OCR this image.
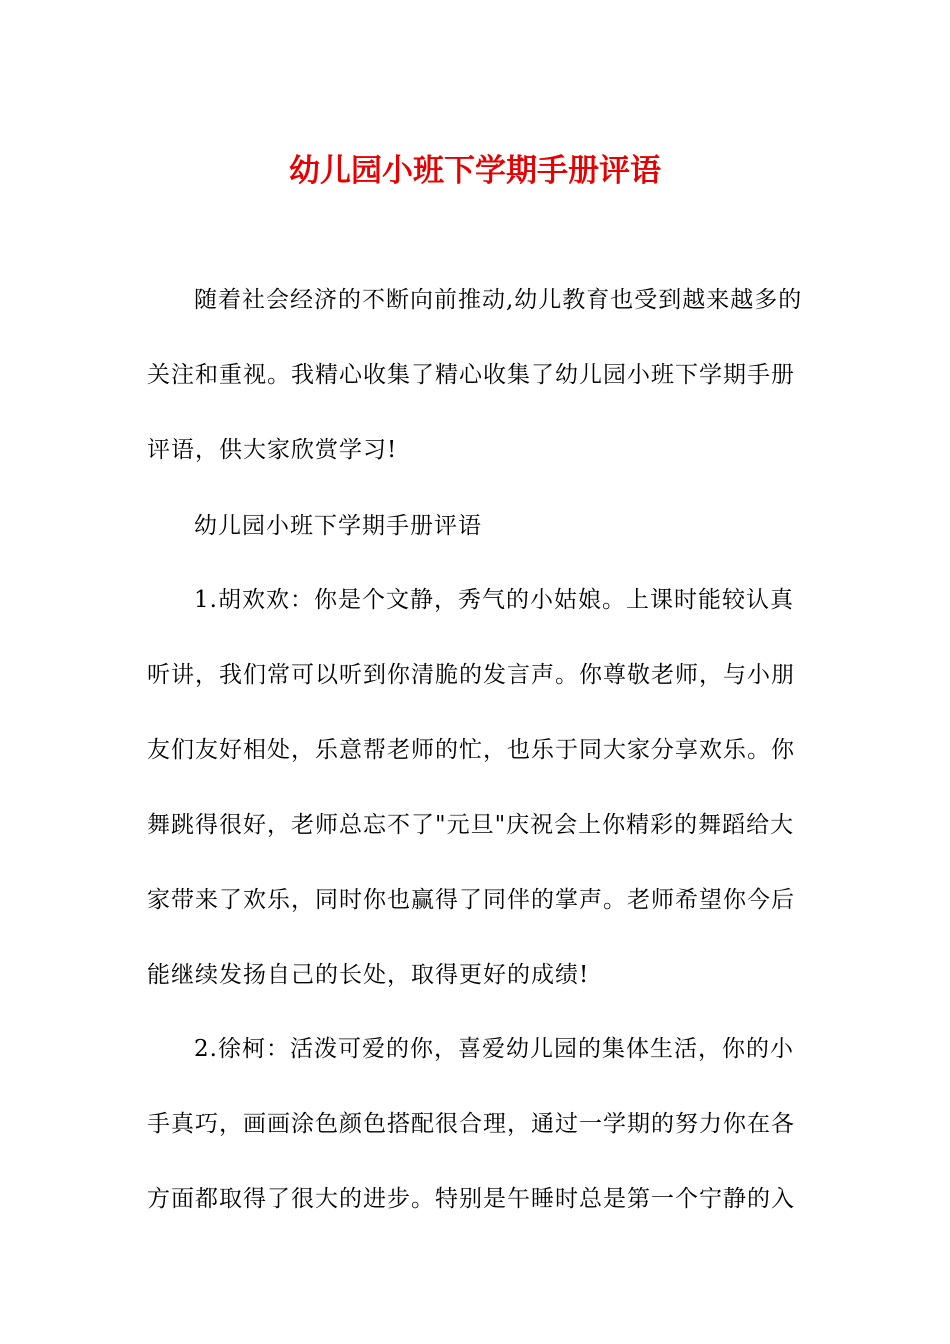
幼儿园小班下学期手册评语
随着社会经济的不断向前推动,幼儿教育也受到越来越多的
关注和重视。我精心收集了精心收集了幼儿园小班下学期手册
评语，供大家欣赏学习!
幼儿园小班下学期手册评语
1.胡欢欢：你是个文静，秀气的小姑娘。上课时能较认真
听讲，我们常可以听到你清脆的发言声。你尊敬老师，与小朋
友们友好相处，乐意帮老师的忙，也乐于同大家分享欢乐。你
舞跳得很好，老师总忘不了"元旦"庆祝会上你精彩的舞蹈给大
家带来了欢乐，同时你也赢得了同伴的掌声。老师希望你今后
能继续发扬自己的长处，取得更好的成绩!
2.徐柯：活泼可爱的你，喜爱幼儿园的集体生活，你的小
手真巧，画画涂色颜色搭配很合理，通过一学期的努力你在各
方面都取得了很大的进步。特别是午睡时总是第一个宁静的入
